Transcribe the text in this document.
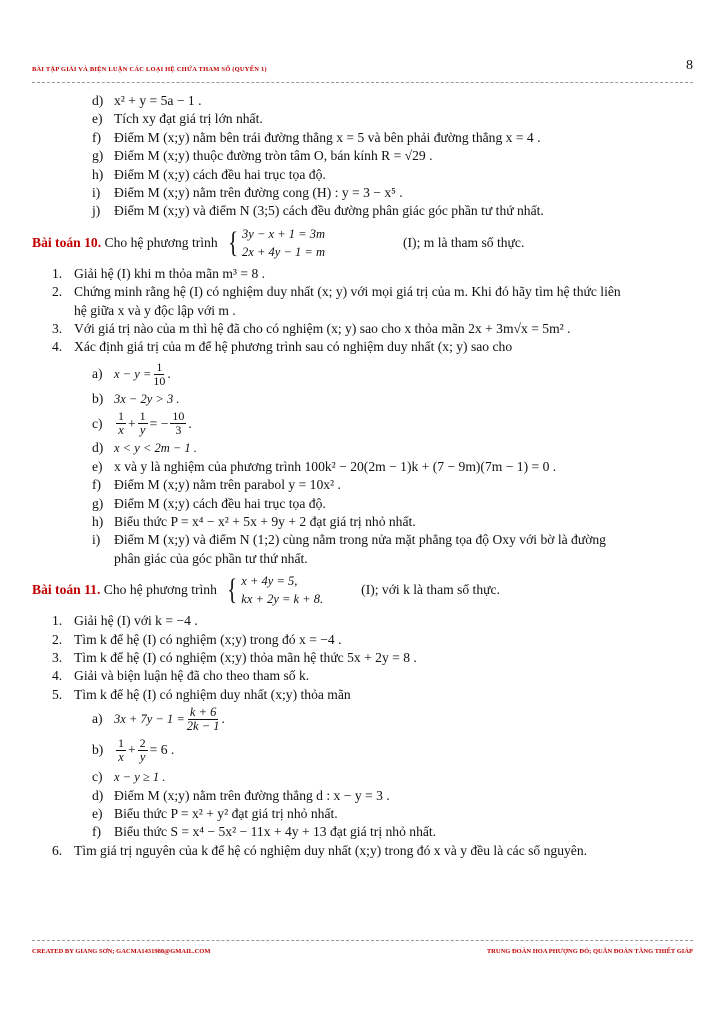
BÀI TẬP GIẢI VÀ BIỆN LUẬN CÁC LOẠI HỆ CHỨA THAM SỐ (QUYỂN 1)	8
d) x² + y = 5a − 1 .
e) Tích xy đạt giá trị lớn nhất.
f) Điểm M (x;y) nằm bên trái đường thẳng x = 5 và bên phải đường thẳng x = 4 .
g) Điểm M (x;y) thuộc đường tròn tâm O, bán kính R = √29 .
h) Điểm M (x;y) cách đều hai trục tọa độ.
i)	Điểm M (x;y) nằm trên đường cong (H) : y = 3 − x⁵ .
j)	Điểm M (x;y) và điểm N (3;5) cách đều đường phân giác góc phần tư thứ nhất.
Bài toán 10.
Cho hệ phương trình { 3y − x + 1 = 3m
2x + 4y − 1 = m
(I); m là tham số thực.
1. Giải hệ (I) khi m thỏa mãn m³ = 8 .
2. Chứng minh rằng hệ (I) có nghiệm duy nhất (x; y) với mọi giá trị của m. Khi đó hãy tìm hệ thức liên
hệ giữa x và y độc lập với m .
3. Với giá trị nào của m thì hệ đã cho có nghiệm (x; y) sao cho x thỏa mãn 2x + 3m√x = 5m² .
4. Xác định giá trị của m để hệ phương trình sau có nghiệm duy nhất (x; y) sao cho
a) $x - y = \frac{1}{10}$ .
b) 3x − 2y > 3 .
c)	1
$x + \frac{1}{y}$ = − $\frac{10}{3}$ .
d) x < y < 2m − 1 .
e) x và y là nghiệm của phương trình 100k² − 20(2m − 1)k + (7 − 9m)(7m − 1) = 0 .
f) Điểm M (x;y) nằm trên parabol y = 10x² .
g) Điểm M (x;y) cách đều hai trục tọa độ.
h) Biểu thức P = x⁴ − x² + 5x + 9y + 2 đạt giá trị nhỏ nhất.
i)	Điểm M (x;y) và điểm N (1;2) cùng nằm trong nửa mặt phẳng tọa độ Oxy với bờ là đường
phân giác của góc phần tư thứ nhất.
Bài toán 11.
Cho hệ phương trình { x + 4y = 5,
kx + 2y = k + 8.
(I); với k là tham số thực.
1. Giải hệ (I) với k = −4 .
2. Tìm k để hệ (I) có nghiệm (x;y) trong đó x = −4 .
3. Tìm k để hệ (I) có nghiệm (x;y) thỏa mãn hệ thức 5x + 2y = 8 .
4. Giải và biện luận hệ đã cho theo tham số k.
5. Tìm k để hệ (I) có nghiệm duy nhất (x;y) thỏa mãn
a) $3x + 7y - 1 = \frac{k + 6}{2k - 1}$ .
b)	1
$x + \frac{2}{y} = 6$ .
c) x − y ≥ 1 .
d) Điểm M (x;y) nằm trên đường thẳng d : x − y = 3 .
e) Biểu thức P = x² + y² đạt giá trị nhỏ nhất.
f) Biểu thức S = x⁴ − 5x² − 11x + 4y + 13 đạt giá trị nhỏ nhất.
6. Tìm giá trị nguyên của k để hệ có nghiệm duy nhất (x;y) trong đó x và y đều là các số nguyên.
CREATED BY GIANG SƠN; GACMA1431988@GMAIL.COM	TRUNG ĐOÀN HOA PHƯỢNG ĐỎ; QUÂN ĐOÀN TĂNG THIẾT GIÁP
